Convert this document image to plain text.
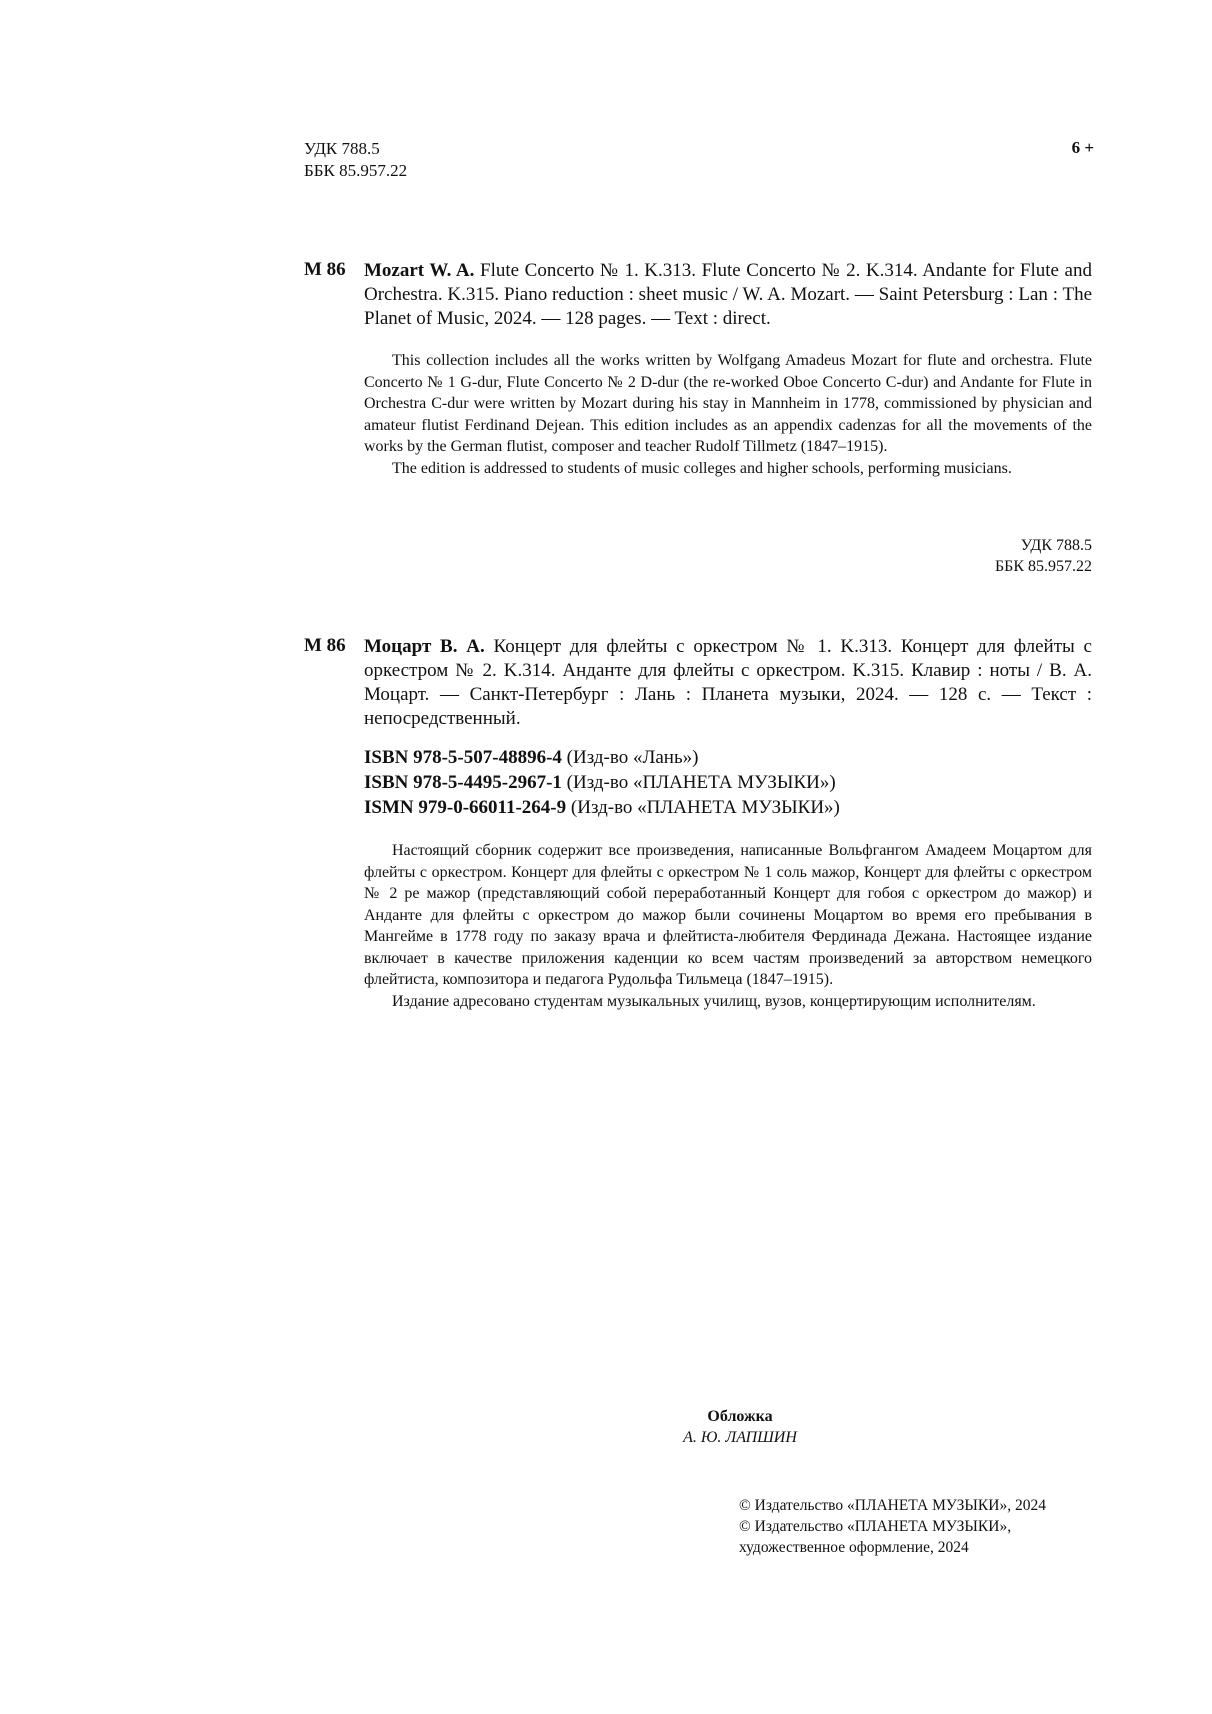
УДК 788.5
ББК 85.957.22
6 +
М 86 Mozart W. A. Flute Concerto № 1. K.313. Flute Concerto № 2. K.314. Andante for Flute and Orchestra. K.315. Piano reduction : sheet music / W. A. Mozart. — Saint Petersburg : Lan : The Planet of Music, 2024. — 128 pages. — Text : direct.

This collection includes all the works written by Wolfgang Amadeus Mozart for flute and orchestra. Flute Concerto № 1 G-dur, Flute Concerto № 2 D-dur (the re-worked Oboe Concerto C-dur) and Andante for Flute in Orchestra C-dur were written by Mozart during his stay in Mannheim in 1778, commissioned by physician and amateur flutist Ferdinand Dejean. This edition includes as an appendix cadenzas for all the movements of the works by the German flutist, composer and teacher Rudolf Tillmetz (1847–1915).

The edition is addressed to students of music colleges and higher schools, performing musicians.

УДК 788.5
ББК 85.957.22
М 86 Моцарт В. А. Концерт для флейты с оркестром № 1. K.313. Концерт для флейты с оркестром № 2. K.314. Анданте для флейты с оркестром. K.315. Клавир : ноты / В. А. Моцарт. — Санкт-Петербург : Лань : Планета музыки, 2024. — 128 с. — Текст : непосредственный.
ISBN 978-5-507-48896-4 (Изд-во «Лань»)
ISBN 978-5-4495-2967-1 (Изд-во «ПЛАНЕТА МУЗЫКИ»)
ISMN 979-0-66011-264-9 (Изд-во «ПЛАНЕТА МУЗЫКИ»)

Настоящий сборник содержит все произведения, написанные Вольфгангом Амадеем Моцартом для флейты с оркестром. Концерт для флейты с оркестром № 1 соль мажор, Концерт для флейты с оркестром № 2 ре мажор (представляющий собой переработанный Концерт для гобоя с оркестром до мажор) и Анданте для флейты с оркестром до мажор были сочинены Моцартом во время его пребывания в Мангейме в 1778 году по заказу врача и флейтиста-любителя Фердинада Дежана. Настоящее издание включает в качестве приложения каденции ко всем частям произведений за авторством немецкого флейтиста, композитора и педагога Рудольфа Тильмеца (1847–1915).

Издание адресовано студентам музыкальных училищ, вузов, концертирующим исполнителям.

Обложка
А. Ю. ЛАПШИН
© Издательство «ПЛАНЕТА МУЗЫКИ», 2024
© Издательство «ПЛАНЕТА МУЗЫКИ»,
художественное оформление, 2024
